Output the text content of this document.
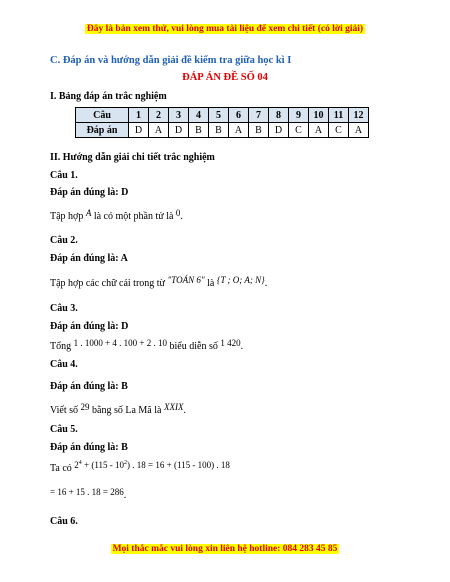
Đây là bản xem thử, vui lòng mua tài liệu để xem chi tiết (có lời giải)
C. Đáp án và hướng dẫn giải đề kiểm tra giữa học kì I
ĐÁP ÁN ĐỀ SỐ 04
I. Bảng đáp án trắc nghiệm
Câu	1	2	3	4	5	6	7	8	9	10	11	12
Đáp án	D	A	D	B	B	A	B	D	C	A	C	A
II. Hướng dẫn giải chi tiết trắc nghiệm
Câu 1.
Đáp án đúng là: D
Tập hợp A là có một phần tử là 0.
Câu 2.
Đáp án đúng là: A
Tập hợp các chữ cái trong từ "TOÁN 6" là {T ; O; A; N}.
Câu 3.
Đáp án đúng là: D
Tổng 1 . 1000 + 4 . 100 + 2 . 10 biểu diễn số 1 420.
Câu 4.
Đáp án đúng là: B
Viết số 29 bằng số La Mã là XXIX.
Câu 5.
Đáp án đúng là: B
Ta có $2^4 + (115 - 10^2)$ . 18 = 16 + (115 - 100) . 18
= 16 + 15 . 18 = 286.
Câu 6.
Mọi thắc mắc vui lòng xin liên hệ hotline: 084 283 45 85
